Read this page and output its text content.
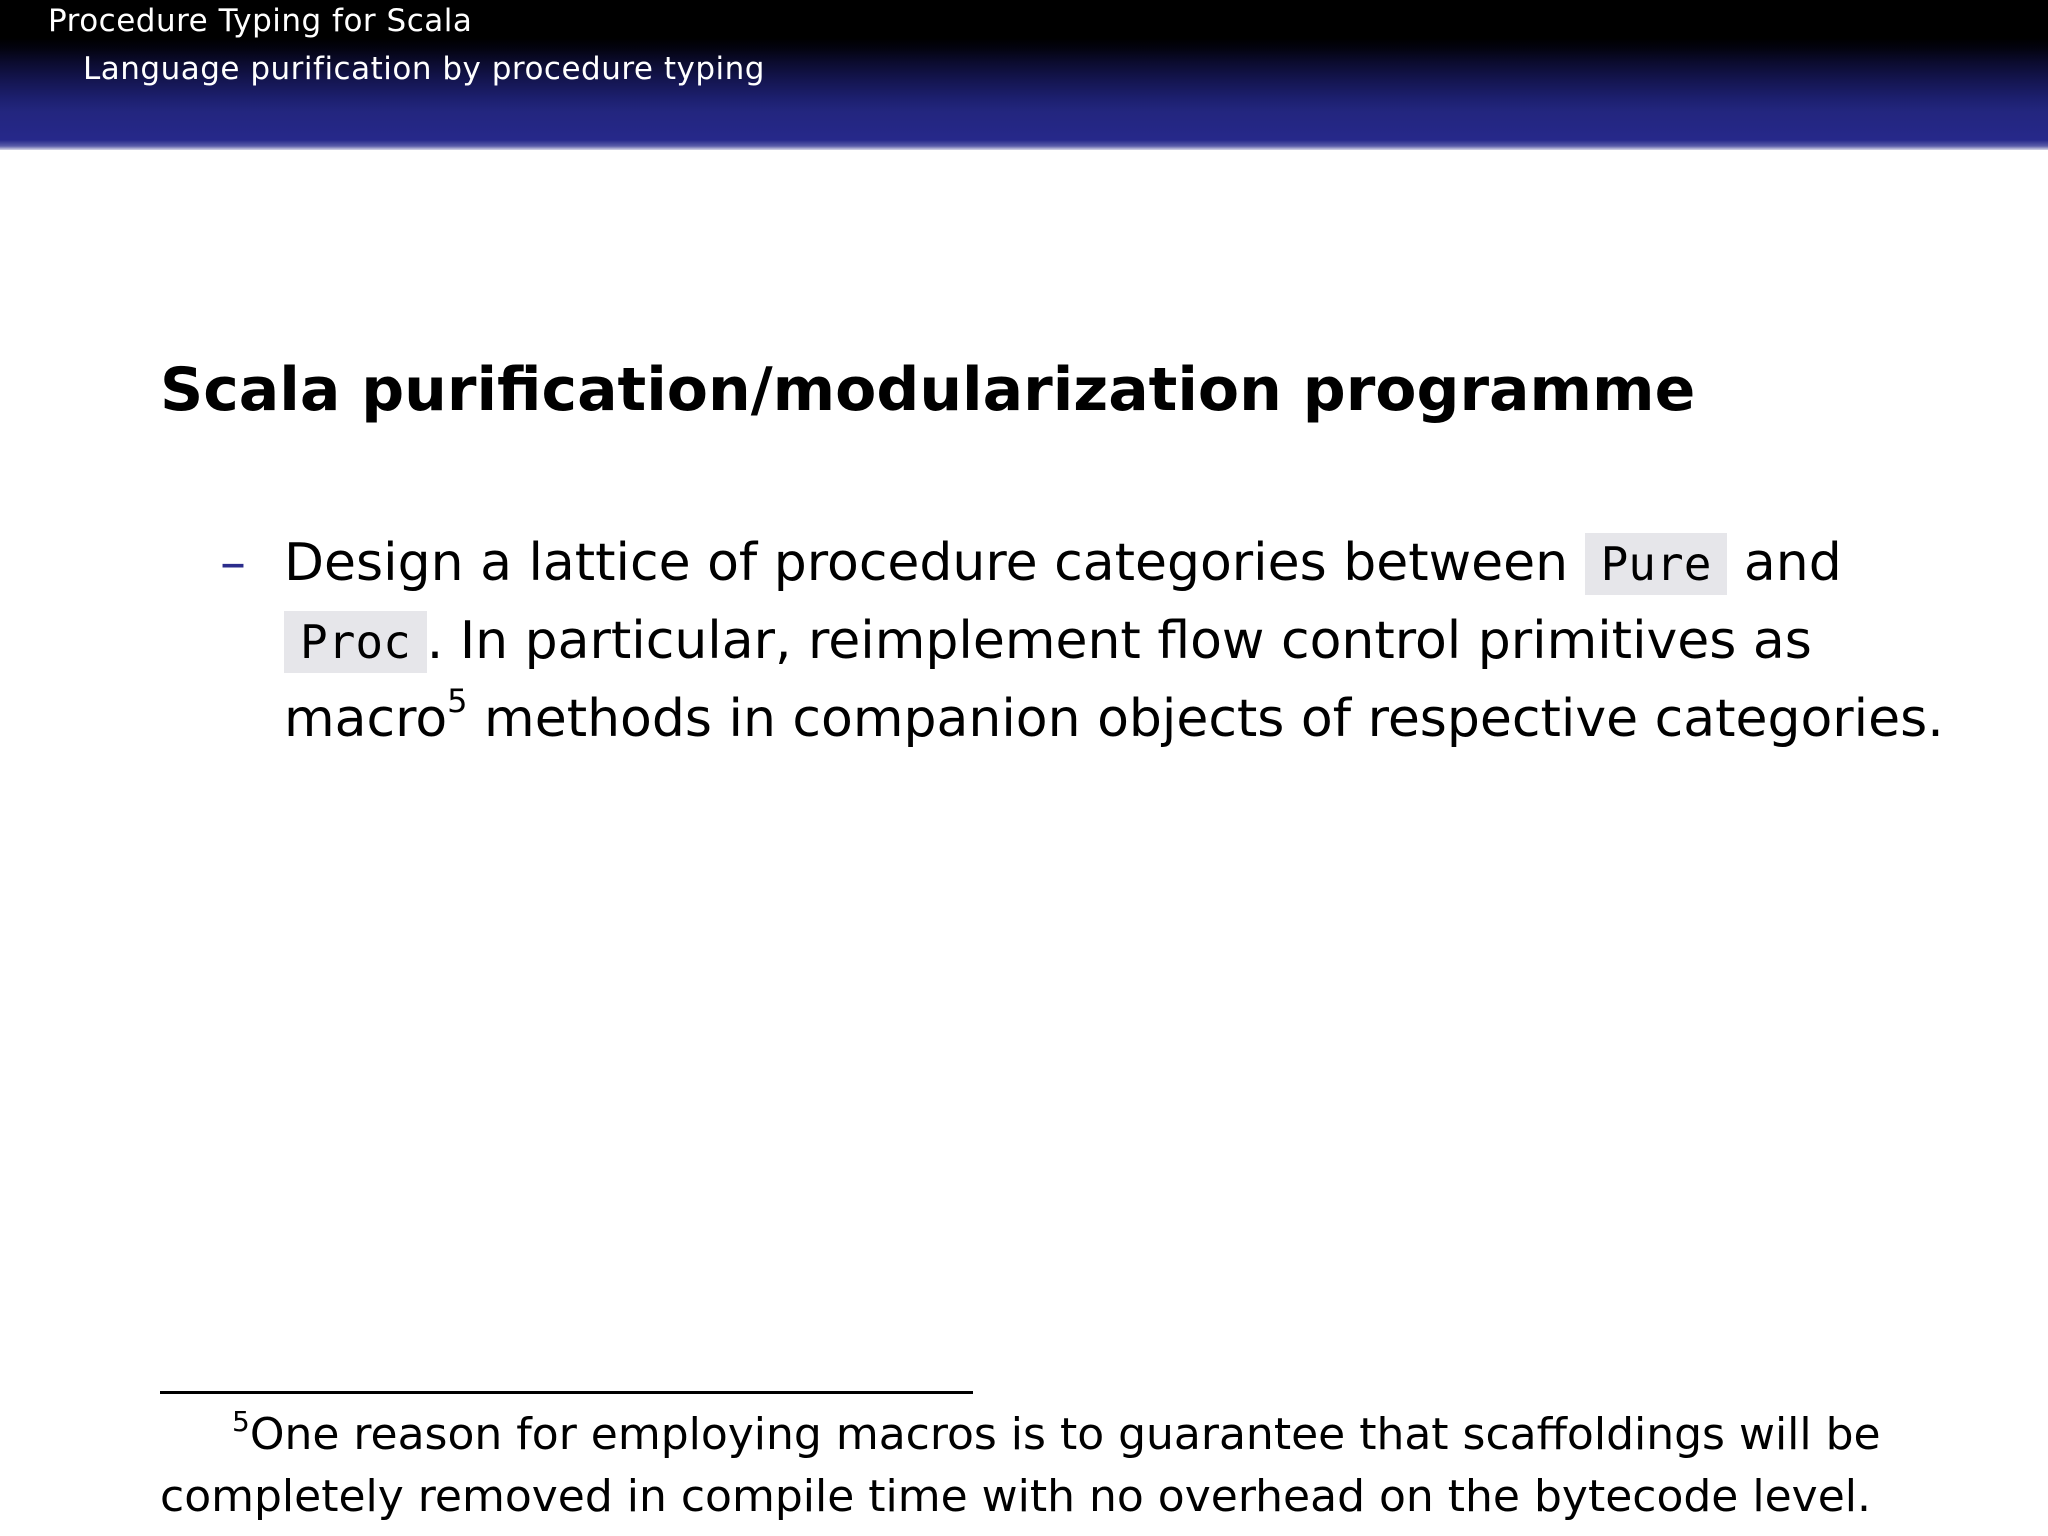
Procedure Typing for Scala
Language purification by procedure typing
Scala purification/modularization programme
– Design a lattice of procedure categories between Pure and
Proc . In particular, reimplement flow control primitives as
macro$^5$ methods in companion objects of respective categories.
$^5$One reason for employing macros is to guarantee that scaffoldings will be
completely removed in compile time with no overhead on the bytecode level.
